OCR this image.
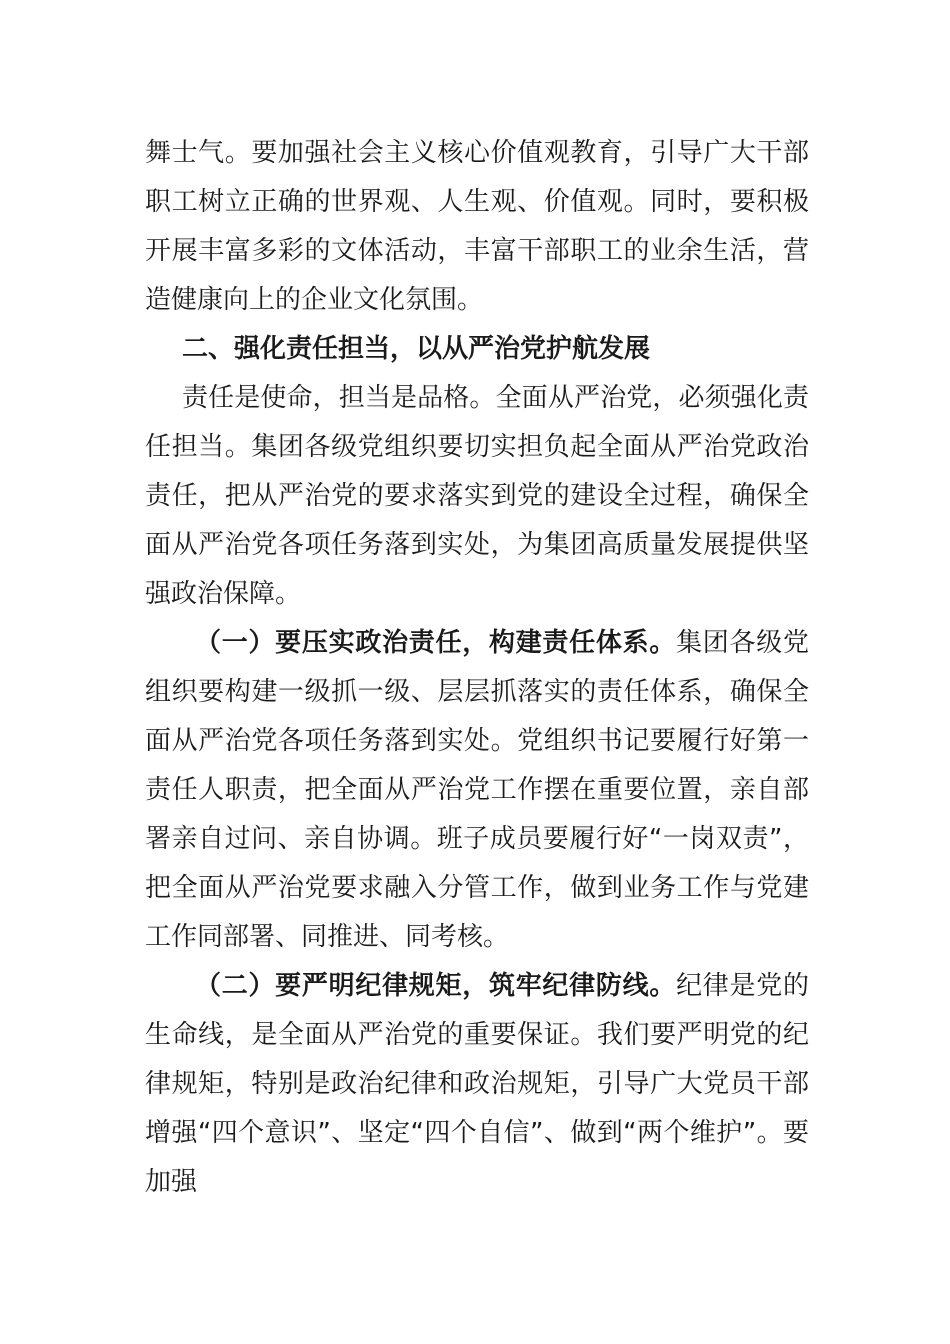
舞士气。要加强社会主义核心价值观教育，引导广大干部职工树立正确的世界观、人生观、价值观。同时，要积极开展丰富多彩的文体活动，丰富干部职工的业余生活，营造健康向上的企业文化氛围。

二、强化责任担当，以从严治党护航发展

责任是使命，担当是品格。全面从严治党，必须强化责任担当。集团各级党组织要切实担负起全面从严治党政治责任，把从严治党的要求落实到党的建设全过程，确保全面从严治党各项任务落到实处，为集团高质量发展提供坚强政治保障。

（一）要压实政治责任，构建责任体系。集团各级党组织要构建一级抓一级、层层抓落实的责任体系，确保全面从严治党各项任务落到实处。党组织书记要履行好第一责任人职责，把全面从严治党工作摆在重要位置，亲自部署亲自过问、亲自协调。班子成员要履行好“一岗双责”，把全面从严治党要求融入分管工作，做到业务工作与党建工作同部署、同推进、同考核。

（二）要严明纪律规矩，筑牢纪律防线。纪律是党的生命线，是全面从严治党的重要保证。我们要严明党的纪律规矩，特别是政治纪律和政治规矩，引导广大党员干部增强“四个意识”、坚定“四个自信”、做到“两个维护”。要加强
